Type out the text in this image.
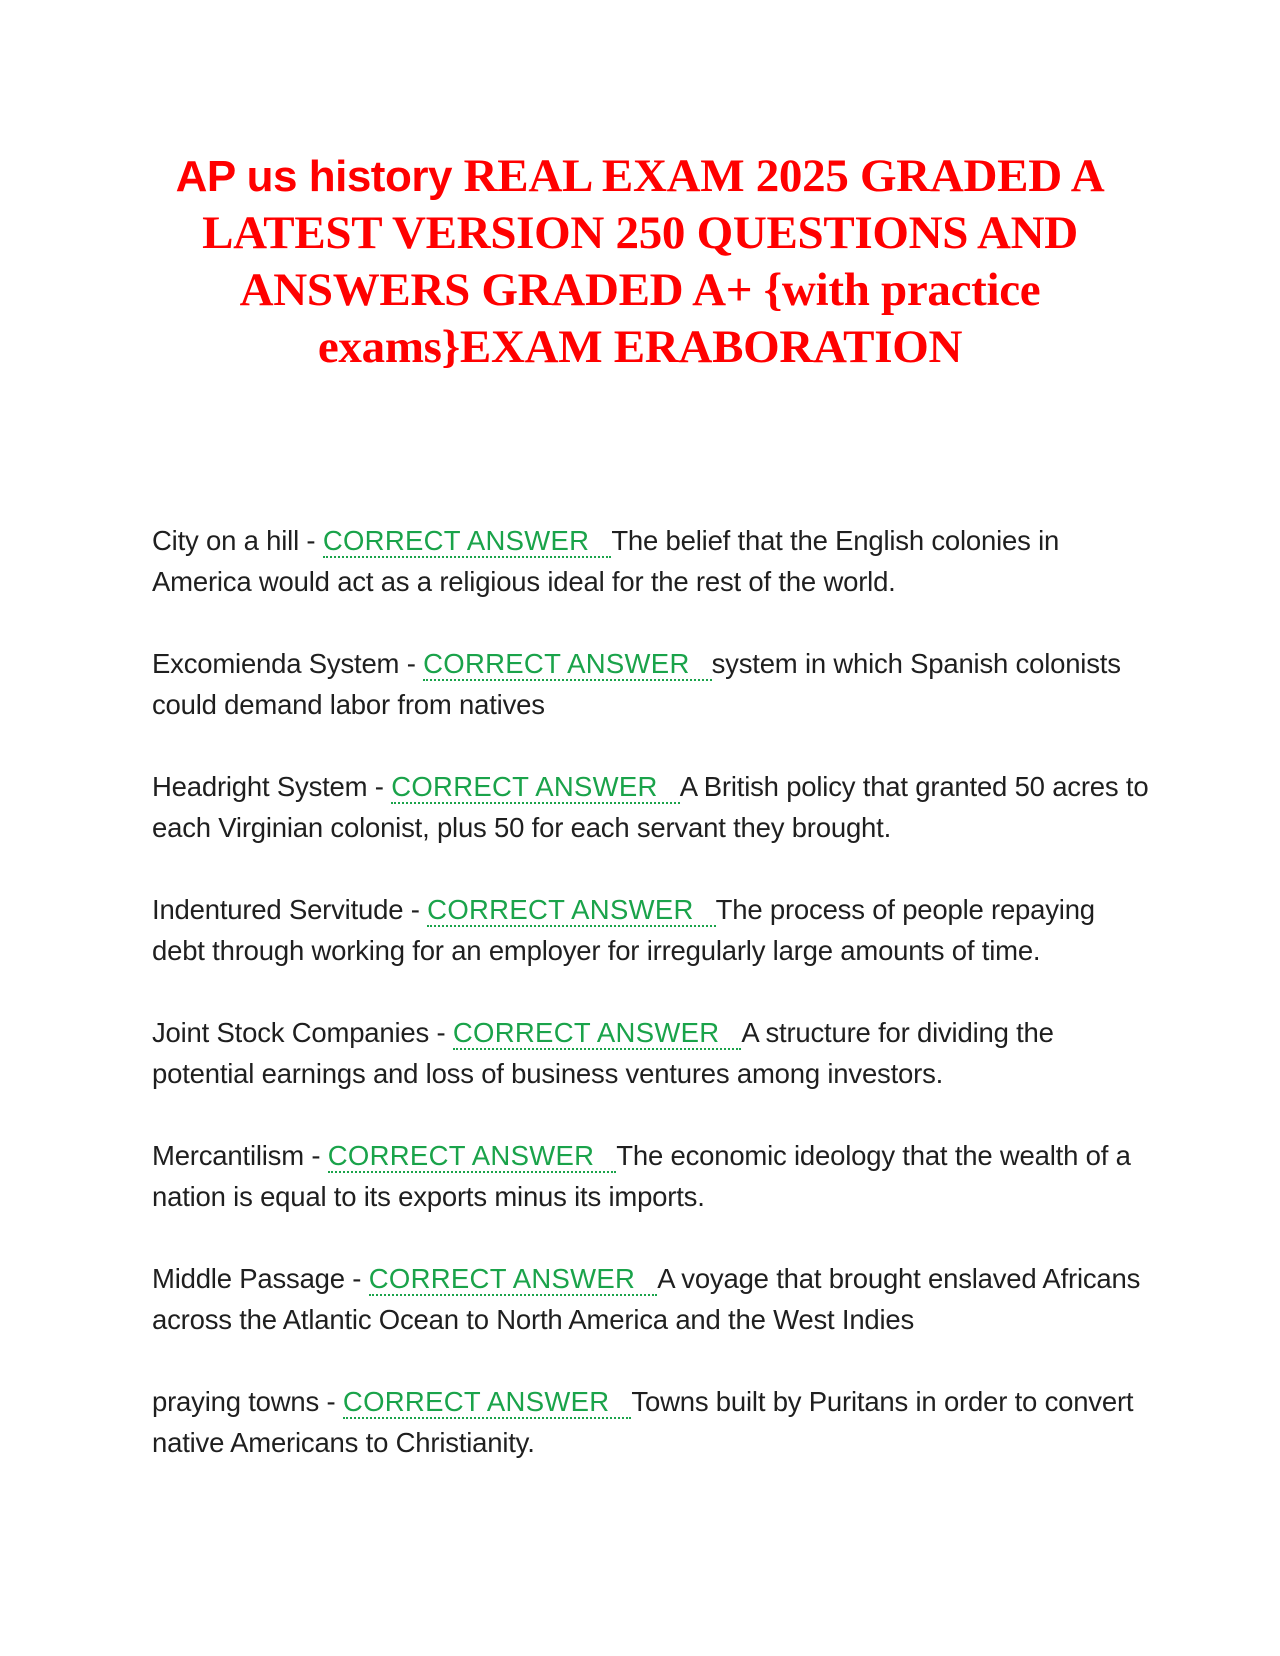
AP us history REAL EXAM 2025 GRADED A LATEST VERSION 250 QUESTIONS AND ANSWERS GRADED A+ {with practice exams}EXAM ERABORATION
City on a hill - CORRECT ANSWER The belief that the English colonies in America would act as a religious ideal for the rest of the world.
Excomienda System - CORRECT ANSWER system in which Spanish colonists could demand labor from natives
Headright System - CORRECT ANSWER A British policy that granted 50 acres to each Virginian colonist, plus 50 for each servant they brought.
Indentured Servitude - CORRECT ANSWER The process of people repaying debt through working for an employer for irregularly large amounts of time.
Joint Stock Companies - CORRECT ANSWER A structure for dividing the potential earnings and loss of business ventures among investors.
Mercantilism - CORRECT ANSWER The economic ideology that the wealth of a nation is equal to its exports minus its imports.
Middle Passage - CORRECT ANSWER A voyage that brought enslaved Africans across the Atlantic Ocean to North America and the West Indies
praying towns - CORRECT ANSWER Towns built by Puritans in order to convert native Americans to Christianity.
